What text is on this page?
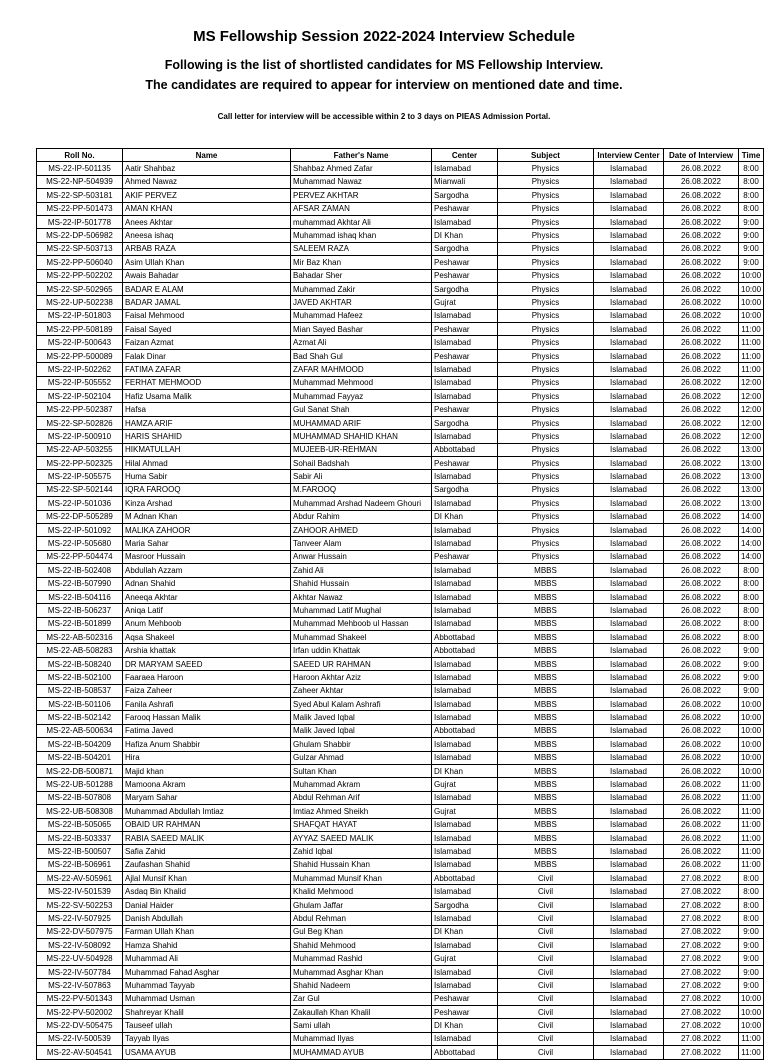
MS Fellowship Session 2022-2024 Interview Schedule
Following is the list of shortlisted candidates for MS Fellowship Interview.
The candidates are required to appear for interview on mentioned date and time.
Call letter for interview will be accessible within 2 to 3 days on PIEAS Admission Portal.
Roll No.	Name	Father's Name	Center	Subject	Interview Center	Date of Interview	Time
MS-22-IP-501135	Aatir Shahbaz	Shahbaz Ahmed Zafar	Islamabad	Physics	Islamabad	26.08.2022	8:00
MS-22-NP-504939	Ahmed Nawaz	Muhammad Nawaz	Mianwali	Physics	Islamabad	26.08.2022	8:00
MS-22-SP-503181	AKIF PERVEZ	PERVEZ AKHTAR	Sargodha	Physics	Islamabad	26.08.2022	8:00
MS-22-PP-501473	AMAN KHAN	AFSAR ZAMAN	Peshawar	Physics	Islamabad	26.08.2022	8:00
MS-22-IP-501778	Anees Akhtar	muhammad Akhtar Ali	Islamabad	Physics	Islamabad	26.08.2022	9:00
MS-22-DP-506982	Aneesa ishaq	Muhammad ishaq khan	DI Khan	Physics	Islamabad	26.08.2022	9:00
MS-22-SP-503713	ARBAB RAZA	SALEEM RAZA	Sargodha	Physics	Islamabad	26.08.2022	9:00
MS-22-PP-506040	Asim Ullah Khan	Mir Baz Khan	Peshawar	Physics	Islamabad	26.08.2022	9:00
MS-22-PP-502202	Awais Bahadar	Bahadar Sher	Peshawar	Physics	Islamabad	26.08.2022	10:00
MS-22-SP-502965	BADAR E ALAM	Muhammad Zakir	Sargodha	Physics	Islamabad	26.08.2022	10:00
MS-22-UP-502238	BADAR JAMAL	JAVED AKHTAR	Gujrat	Physics	Islamabad	26.08.2022	10:00
MS-22-IP-501803	Faisal Mehmood	Muhammad Hafeez	Islamabad	Physics	Islamabad	26.08.2022	10:00
MS-22-PP-508189	Faisal Sayed	Mian Sayed Bashar	Peshawar	Physics	Islamabad	26.08.2022	11:00
MS-22-IP-500643	Faizan Azmat	Azmat Ali	Islamabad	Physics	Islamabad	26.08.2022	11:00
MS-22-PP-500089	Falak Dinar	Bad Shah Gul	Peshawar	Physics	Islamabad	26.08.2022	11:00
MS-22-IP-502262	FATIMA ZAFAR	ZAFAR MAHMOOD	Islamabad	Physics	Islamabad	26.08.2022	11:00
MS-22-IP-505552	FERHAT MEHMOOD	Muhammad Mehmood	Islamabad	Physics	Islamabad	26.08.2022	12:00
MS-22-IP-502104	Hafiz Usama Malik	Muhammad Fayyaz	Islamabad	Physics	Islamabad	26.08.2022	12:00
MS-22-PP-502387	Hafsa	Gul Sanat Shah	Peshawar	Physics	Islamabad	26.08.2022	12:00
MS-22-SP-502826	HAMZA ARIF	MUHAMMAD ARIF	Sargodha	Physics	Islamabad	26.08.2022	12:00
MS-22-IP-500910	HARIS SHAHID	MUHAMMAD SHAHID KHAN	Islamabad	Physics	Islamabad	26.08.2022	12:00
MS-22-AP-503255	HIKMATULLAH	MUJEEB-UR-REHMAN	Abbottabad	Physics	Islamabad	26.08.2022	13:00
MS-22-PP-502325	Hilal Ahmad	Sohail Badshah	Peshawar	Physics	Islamabad	26.08.2022	13:00
MS-22-IP-505575	Huma Sabir	Sabir Ali	Islamabad	Physics	Islamabad	26.08.2022	13:00
MS-22-SP-502144	IQRA FAROOQ	M.FAROOQ	Sargodha	Physics	Islamabad	26.08.2022	13:00
MS-22-IP-501036	Kinza Arshad	Muhammad Arshad Nadeem Ghouri	Islamabad	Physics	Islamabad	26.08.2022	13:00
MS-22-DP-505289	M Adnan Khan	Abdur Rahim	DI Khan	Physics	Islamabad	26.08.2022	14:00
MS-22-IP-501092	MALIKA ZAHOOR	ZAHOOR AHMED	Islamabad	Physics	Islamabad	26.08.2022	14:00
MS-22-IP-505680	Maria Sahar	Tanveer Alam	Islamabad	Physics	Islamabad	26.08.2022	14:00
MS-22-PP-504474	Masroor Hussain	Anwar Hussain	Peshawar	Physics	Islamabad	26.08.2022	14:00
MS-22-IB-502408	Abdullah Azzam	Zahid Ali	Islamabad	MBBS	Islamabad	26.08.2022	8:00
MS-22-IB-507990	Adnan Shahid	Shahid Hussain	Islamabad	MBBS	Islamabad	26.08.2022	8:00
MS-22-IB-504116	Aneeqa Akhtar	Akhtar Nawaz	Islamabad	MBBS	Islamabad	26.08.2022	8:00
MS-22-IB-506237	Aniqa Latif	Muhammad Latif Mughal	Islamabad	MBBS	Islamabad	26.08.2022	8:00
MS-22-IB-501899	Anum Mehboob	Muhammad Mehboob ul Hassan	Islamabad	MBBS	Islamabad	26.08.2022	8:00
MS-22-AB-502316	Aqsa Shakeel	Muhammad Shakeel	Abbottabad	MBBS	Islamabad	26.08.2022	8:00
MS-22-AB-508283	Arshia khattak	Irfan uddin Khattak	Abbottabad	MBBS	Islamabad	26.08.2022	9:00
MS-22-IB-508240	DR MARYAM SAEED	SAEED UR RAHMAN	Islamabad	MBBS	Islamabad	26.08.2022	9:00
MS-22-IB-502100	Faaraea Haroon	Haroon Akhtar Aziz	Islamabad	MBBS	Islamabad	26.08.2022	9:00
MS-22-IB-508537	Faiza Zaheer	Zaheer Akhtar	Islamabad	MBBS	Islamabad	26.08.2022	9:00
MS-22-IB-501106	Fanila Ashrafi	Syed Abul Kalam Ashrafi	Islamabad	MBBS	Islamabad	26.08.2022	10:00
MS-22-IB-502142	Farooq Hassan Malik	Malik Javed Iqbal	Islamabad	MBBS	Islamabad	26.08.2022	10:00
MS-22-AB-500634	Fatima Javed	Malik Javed Iqbal	Abbottabad	MBBS	Islamabad	26.08.2022	10:00
MS-22-IB-504209	Hafiza Anum Shabbir	Ghulam Shabbir	Islamabad	MBBS	Islamabad	26.08.2022	10:00
MS-22-IB-504201	Hira	Gulzar Ahmad	Islamabad	MBBS	Islamabad	26.08.2022	10:00
MS-22-DB-500871	Majid khan	Sultan Khan	DI Khan	MBBS	Islamabad	26.08.2022	10:00
MS-22-UB-501288	Mamoona Akram	Muhammad Akram	Gujrat	MBBS	Islamabad	26.08.2022	11:00
MS-22-IB-507808	Maryam Sahar	Abdul Rehman Arif	Islamabad	MBBS	Islamabad	26.08.2022	11:00
MS-22-UB-508308	Muhammad Abdullah Imtiaz	Imtiaz Ahmed Sheikh	Gujrat	MBBS	Islamabad	26.08.2022	11:00
MS-22-IB-505065	OBAID UR RAHMAN	SHAFQAT HAYAT	Islamabad	MBBS	Islamabad	26.08.2022	11:00
MS-22-IB-503337	RABIA SAEED MALIK	AYYAZ SAEED MALIK	Islamabad	MBBS	Islamabad	26.08.2022	11:00
MS-22-IB-500507	Safia Zahid	Zahid Iqbal	Islamabad	MBBS	Islamabad	26.08.2022	11:00
MS-22-IB-506961	Zaufashan Shahid	Shahid Hussain Khan	Islamabad	MBBS	Islamabad	26.08.2022	11:00
MS-22-AV-505961	Ajlal Munsif Khan	Muhammad Munsif Khan	Abbottabad	Civil	Islamabad	27.08.2022	8:00
MS-22-IV-501539	Asdaq Bin Khalid	Khalid Mehmood	Islamabad	Civil	Islamabad	27.08.2022	8:00
MS-22-SV-502253	Danial Haider	Ghulam Jaffar	Sargodha	Civil	Islamabad	27.08.2022	8:00
MS-22-IV-507925	Danish Abdullah	Abdul Rehman	Islamabad	Civil	Islamabad	27.08.2022	8:00
MS-22-DV-507975	Farman Ullah Khan	Gul Beg Khan	DI Khan	Civil	Islamabad	27.08.2022	9:00
MS-22-IV-508092	Hamza Shahid	Shahid Mehmood	Islamabad	Civil	Islamabad	27.08.2022	9:00
MS-22-UV-504928	Muhammad Ali	Muhammad Rashid	Gujrat	Civil	Islamabad	27.08.2022	9:00
MS-22-IV-507784	Muhammad Fahad Asghar	Muhammad Asghar Khan	Islamabad	Civil	Islamabad	27.08.2022	9:00
MS-22-IV-507863	Muhammad Tayyab	Shahid Nadeem	Islamabad	Civil	Islamabad	27.08.2022	9:00
MS-22-PV-501343	Muhammad Usman	Zar Gul	Peshawar	Civil	Islamabad	27.08.2022	10:00
MS-22-PV-502002	Shahreyar Khalil	Zakaullah Khan Khalil	Peshawar	Civil	Islamabad	27.08.2022	10:00
MS-22-DV-505475	Tauseef ullah	Sami ullah	DI Khan	Civil	Islamabad	27.08.2022	10:00
MS-22-IV-500539	Tayyab Ilyas	Muhammad Ilyas	Islamabad	Civil	Islamabad	27.08.2022	11:00
MS-22-AV-504541	USAMA AYUB	MUHAMMAD AYUB	Abbottabad	Civil	Islamabad	27.08.2022	11:00
